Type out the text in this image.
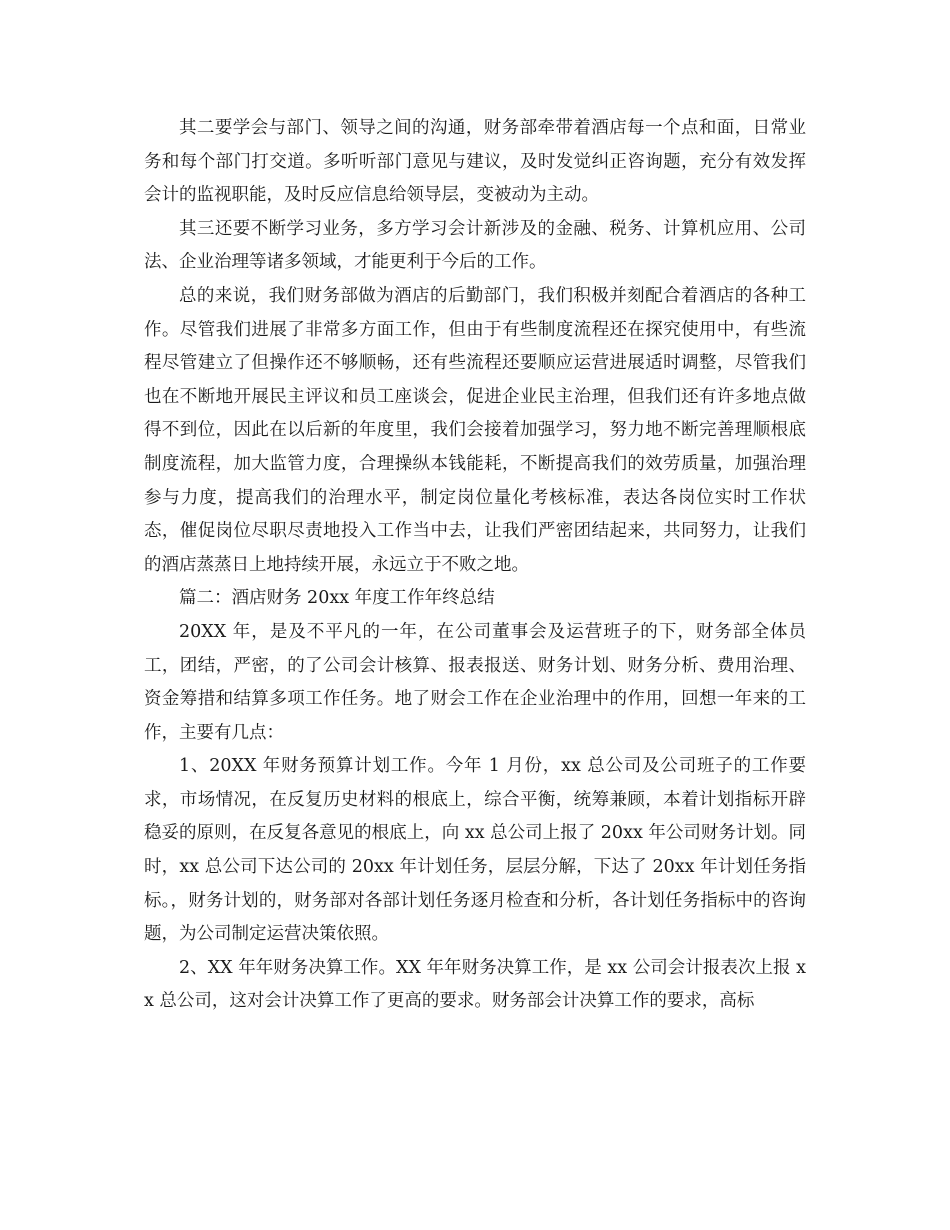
其二要学会与部门、领导之间的沟通，财务部牵带着酒店每一个点和面，日常业务和每个部门打交道。多听听部门意见与建议，及时发觉纠正咨询题，充分有效发挥会计的监视职能，及时反应信息给领导层，变被动为主动。

其三还要不断学习业务，多方学习会计新涉及的金融、税务、计算机应用、公司法、企业治理等诸多领域，才能更利于今后的工作。

总的来说，我们财务部做为酒店的后勤部门，我们积极并刻配合着酒店的各种工作。尽管我们进展了非常多方面工作，但由于有些制度流程还在探究使用中，有些流程尽管建立了但操作还不够顺畅，还有些流程还要顺应运营进展适时调整，尽管我们也在不断地开展民主评议和员工座谈会，促进企业民主治理，但我们还有许多地点做得不到位，因此在以后新的年度里，我们会接着加强学习，努力地不断完善理顺根底制度流程，加大监管力度，合理操纵本钱能耗，不断提高我们的效劳质量，加强治理参与力度，提高我们的治理水平，制定岗位量化考核标准，表达各岗位实时工作状态，催促岗位尽职尽责地投入工作当中去，让我们严密团结起来，共同努力，让我们的酒店蒸蒸日上地持续开展，永远立于不败之地。

篇二：酒店财务 20xx 年度工作年终总结

20XX 年，是及不平凡的一年，在公司董事会及运营班子的下，财务部全体员工，团结，严密，的了公司会计核算、报表报送、财务计划、财务分析、费用治理、资金筹措和结算多项工作任务。地了财会工作在企业治理中的作用，回想一年来的工作，主要有几点：

1、20XX 年财务预算计划工作。今年 1 月份，xx 总公司及公司班子的工作要求，市场情况，在反复历史材料的根底上，综合平衡，统筹兼顾，本着计划指标开辟稳妥的原则，在反复各意见的根底上，向 xx 总公司上报了 20xx 年公司财务计划。同时，xx 总公司下达公司的 20xx 年计划任务，层层分解，下达了 20xx 年计划任务指标。，财务计划的，财务部对各部计划任务逐月检查和分析，各计划任务指标中的咨询题，为公司制定运营决策依照。

2、XX 年年财务决算工作。XX 年年财务决算工作，是 xx 公司会计报表次上报 xx 总公司，这对会计决算工作了更高的要求。财务部会计决算工作的要求，高标
